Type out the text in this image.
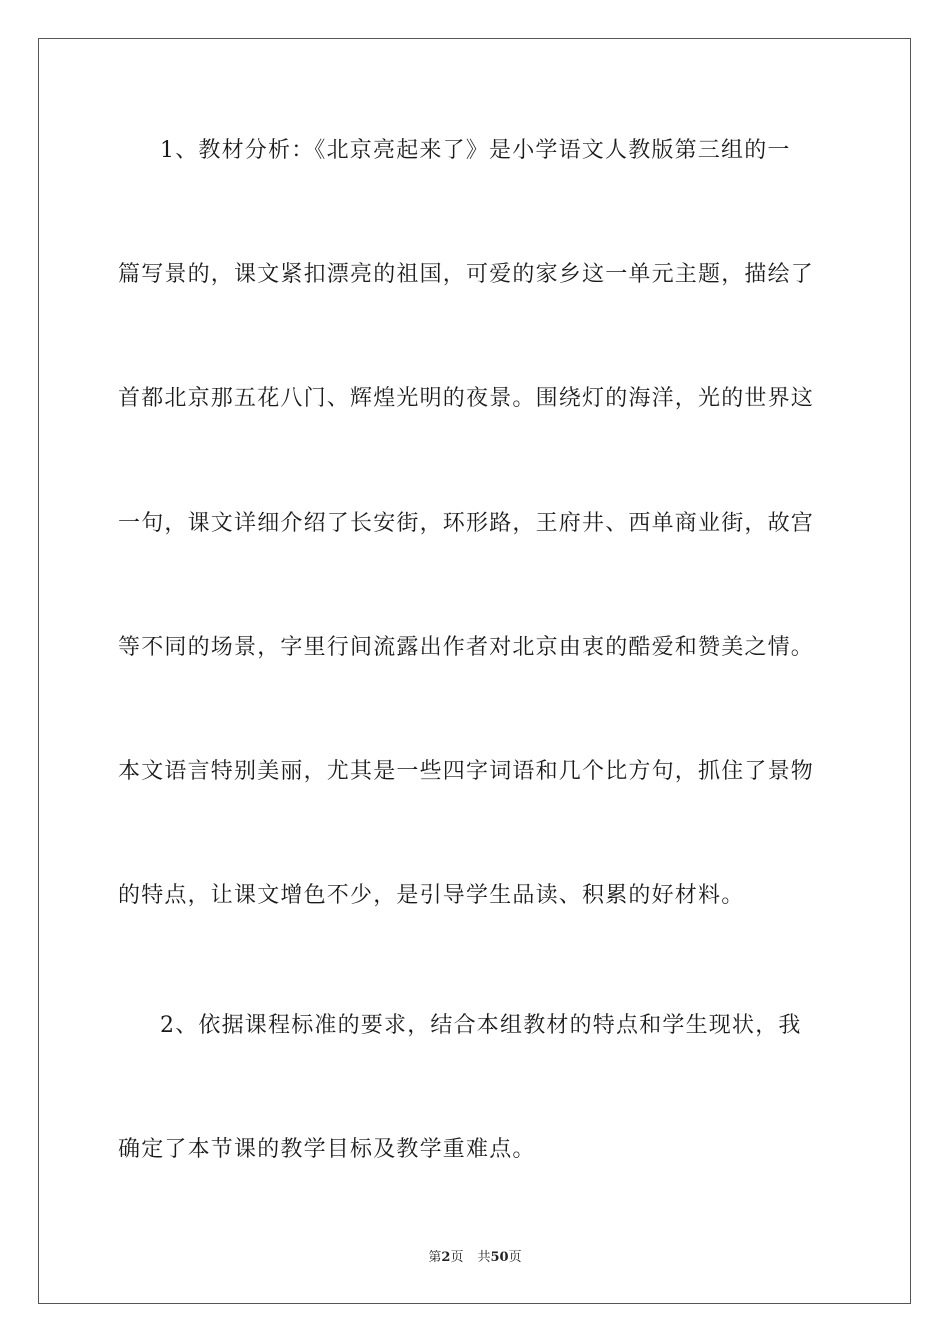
1、教材分析：《北京亮起来了》是小学语文人教版第三组的一
篇写景的，课文紧扣漂亮的祖国，可爱的家乡这一单元主题，描绘了
首都北京那五花八门、辉煌光明的夜景。围绕灯的海洋，光的世界这
一句，课文详细介绍了长安街，环形路，王府井、西单商业街，故宫
等不同的场景，字里行间流露出作者对北京由衷的酷爱和赞美之情。
本文语言特别美丽，尤其是一些四字词语和几个比方句，抓住了景物
的特点，让课文增色不少，是引导学生品读、积累的好材料。
2、依据课程标准的要求，结合本组教材的特点和学生现状，我
确定了本节课的教学目标及教学重难点。
第2页 共50页
